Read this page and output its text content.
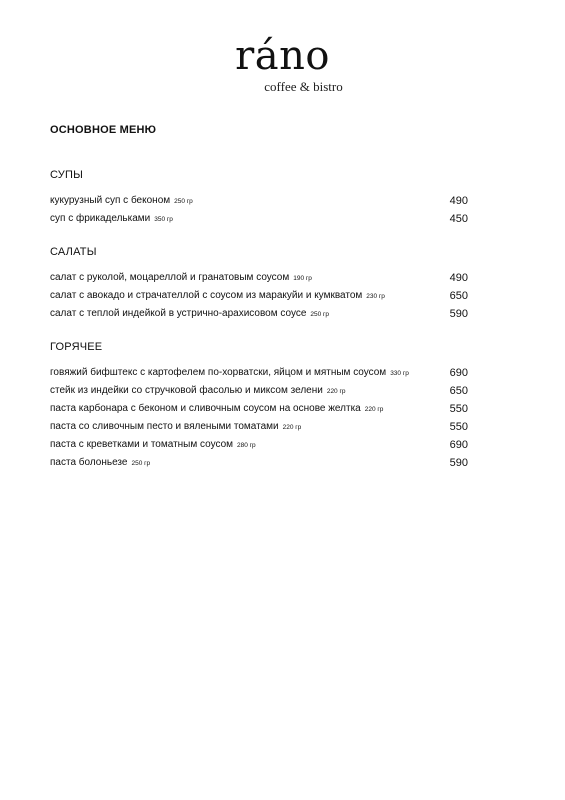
ráno
coffee & bistro
ОСНОВНОЕ МЕНЮ
СУПЫ
кукурузный суп с беконом 250 гр	490
суп с фрикадельками 350 гр	450
САЛАТЫ
салат с руколой, моцареллой и гранатовым соусом 190 гр	490
салат с авокадо и страчателлой с соусом из маракуйи и кумкватом 230 гр	650
салат с теплой индейкой в устрично-арахисовом соусе 250 гр	590
ГОРЯЧЕЕ
говяжий бифштекс с картофелем по-хорватски, яйцом и мятным соусом 330 гр	690
стейк из индейки со стручковой фасолью и миксом зелени 220 гр	650
паста карбонара с беконом и сливочным соусом на основе желтка 220 гр	550
паста со сливочным песто и вялеными томатами 220 гр	550
паста с креветками и томатным соусом 280 гр	690
паста болоньезе 250 гр	590
